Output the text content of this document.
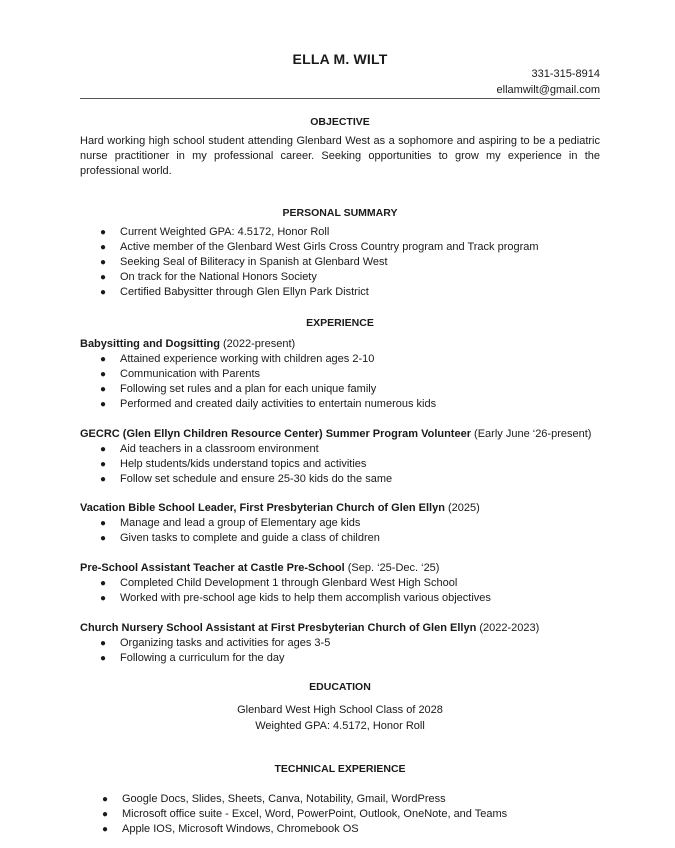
ELLA M. WILT
331-315-8914
ellamwilt@gmail.com
OBJECTIVE
Hard working high school student attending Glenbard West as a sophomore and aspiring to be a pediatric nurse practitioner in my professional career. Seeking opportunities to grow my experience in the professional world.
PERSONAL SUMMARY
● Current Weighted GPA: 4.5172, Honor Roll
● Active member of the Glenbard West Girls Cross Country program and Track program
● Seeking Seal of Biliteracy in Spanish at Glenbard West
● On track for the National Honors Society
● Certified Babysitter through Glen Ellyn Park District
EXPERIENCE
Babysitting and Dogsitting (2022-present)
● Attained experience working with children ages 2-10
● Communication with Parents
● Following set rules and a plan for each unique family
● Performed and created daily activities to entertain numerous kids
GECRC (Glen Ellyn Children Resource Center) Summer Program Volunteer (Early June ‘26-present)
● Aid teachers in a classroom environment
● Help students/kids understand topics and activities
● Follow set schedule and ensure 25-30 kids do the same
Vacation Bible School Leader, First Presbyterian Church of Glen Ellyn (2025)
● Manage and lead a group of Elementary age kids
● Given tasks to complete and guide a class of children
Pre-School Assistant Teacher at Castle Pre-School (Sep. ‘25-Dec. ‘25)
● Completed Child Development 1 through Glenbard West High School
● Worked with pre-school age kids to help them accomplish various objectives
Church Nursery School Assistant at First Presbyterian Church of Glen Ellyn (2022-2023)
● Organizing tasks and activities for ages 3-5
● Following a curriculum for the day
EDUCATION
Glenbard West High School Class of 2028
Weighted GPA: 4.5172, Honor Roll
TECHNICAL EXPERIENCE
● Google Docs, Slides, Sheets, Canva, Notability, Gmail, WordPress
● Microsoft office suite - Excel, Word, PowerPoint, Outlook, OneNote, and Teams
● Apple IOS, Microsoft Windows, Chromebook OS
